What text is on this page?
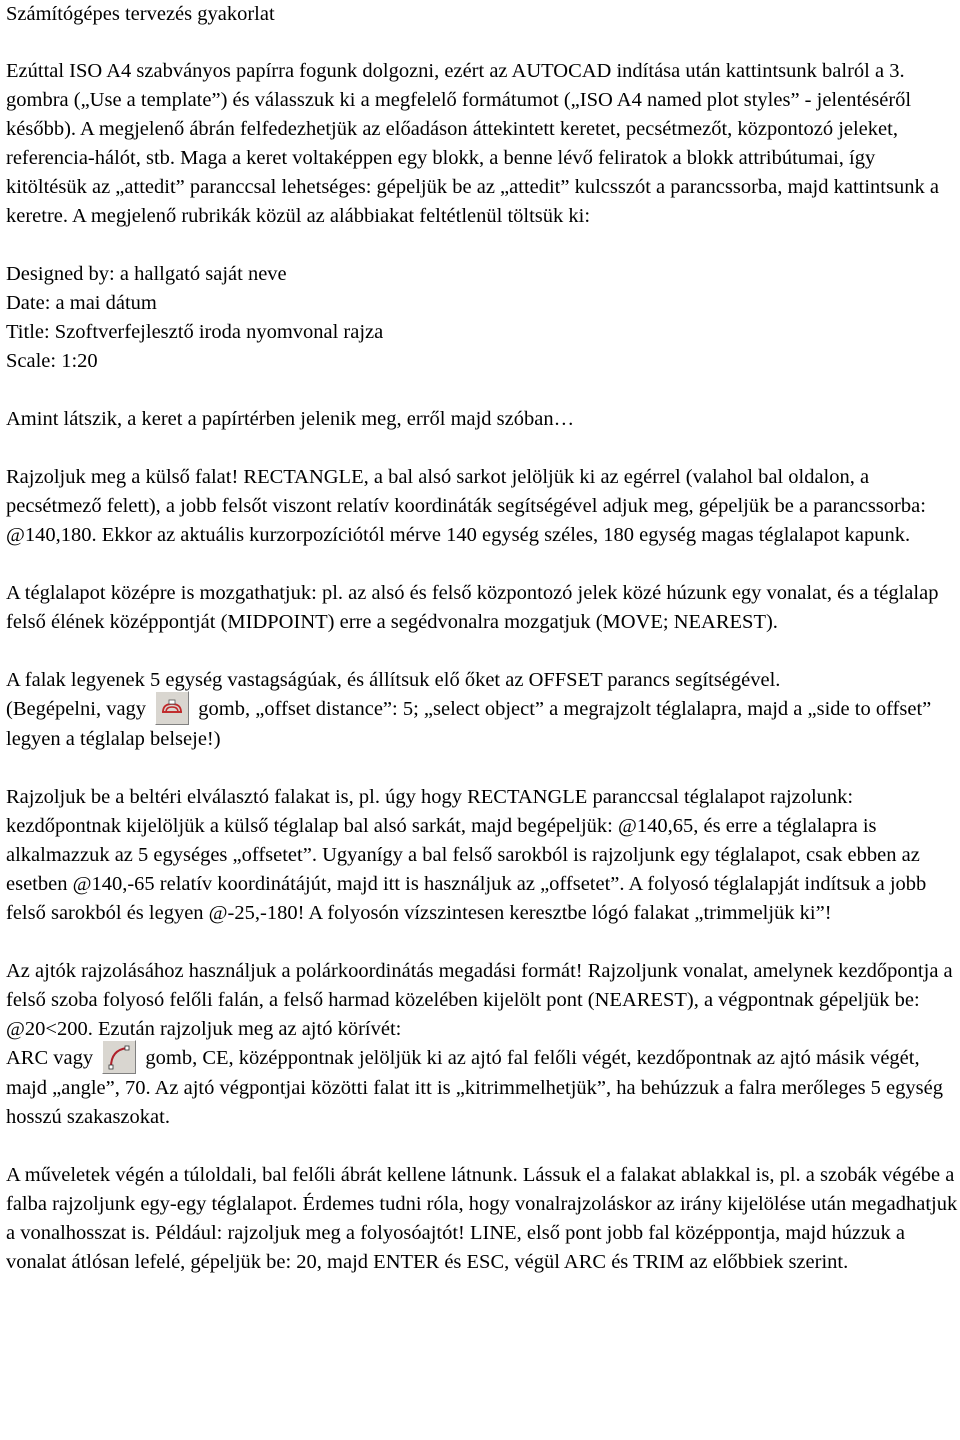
Számítógépes tervezés gyakorlat

Ezúttal ISO A4 szabványos papírra fogunk dolgozni, ezért az AUTOCAD indítása után kattintsunk balról a 3. gombra („Use a template”) és válasszuk ki a megfelelő formátumot („ISO A4 named plot styles” - jelentéséről később). A megjelenő ábrán felfedezhetjük az előadáson áttekintett keretet, pecsétmezőt, központozó jeleket, referencia-hálót, stb. Maga a keret voltaképpen egy blokk, a benne lévő feliratok a blokk attribútumai, így kitöltésük az „attedit” paranccsal lehetséges: gépeljük be az „attedit” kulcsszót a parancssorba, majd kattintsunk a keretre. A megjelenő rubrikák közül az alábbiakat feltétlenül töltsük ki:

Designed by: a hallgató saját neve
Date: a mai dátum
Title: Szoftverfejlesztő iroda nyomvonal rajza
Scale: 1:20

Amint látszik, a keret a papírtérben jelenik meg, erről majd szóban…

Rajzoljuk meg a külső falat! RECTANGLE, a bal alsó sarkot jelöljük ki az egérrel (valahol bal oldalon, a pecsétmező felett), a jobb felsőt viszont relatív koordináták segítségével adjuk meg, gépeljük be a parancssorba: @140,180. Ekkor az aktuális kurzorpozíciótól mérve 140 egység széles, 180 egység magas téglalapot kapunk.

A téglalapot középre is mozgathatjuk: pl. az alsó és felső központozó jelek közé húzunk egy vonalat, és a téglalap felső élének középpontját (MIDPOINT) erre a segédvonalra mozgatjuk (MOVE; NEAREST).

A falak legyenek 5 egység vastagságúak, és állítsuk elő őket az OFFSET parancs segítségével.
(Begépelni, vagy	gomb, „offset distance”: 5; „select object” a megrajzolt téglalapra, majd a „side to offset” legyen a téglalap belseje!)

Rajzoljuk be a beltéri elválasztó falakat is, pl. úgy hogy RECTANGLE paranccsal téglalapot rajzolunk: kezdőpontnak kijelöljük a külső téglalap bal alsó sarkát, majd begépeljük: @140,65, és erre a téglalapra is alkalmazzuk az 5 egységes „offsetet”. Ugyanígy a bal felső sarokból is rajzoljunk egy téglalapot, csak ebben az esetben @140,-65 relatív koordinátájút, majd itt is használjuk az „offsetet”. A folyosó téglalapját indítsuk a jobb felső sarokból és legyen @-25,-180! A folyosón vízszintesen keresztbe lógó falakat „trimmeljük ki”!

Az ajtók rajzolásához használjuk a polárkoordinátás megadási formát! Rajzoljunk vonalat, amelynek kezdőpontja a felső szoba folyosó felőli falán, a felső harmad közelében kijelölt pont (NEAREST), a végpontnak gépeljük be: @20<200. Ezután rajzoljuk meg az ajtó körívét:
ARC vagy	gomb, CE, középpontnak jelöljük ki az ajtó fal felőli végét, kezdőpontnak az ajtó másik végét, majd „angle”, 70. Az ajtó végpontjai közötti falat itt is „kitrimmelhetjük”, ha behúzzuk a falra merőleges 5 egység hosszú szakaszokat.

A műveletek végén a túloldali, bal felőli ábrát kellene látnunk. Lássuk el a falakat ablakkal is, pl. a szobák végébe a falba rajzoljunk egy-egy téglalapot. Érdemes tudni róla, hogy vonalrajzoláskor az irány kijelölése után megadhatjuk a vonalhosszat is. Például: rajzoljuk meg a folyosóajtót! LINE, első pont jobb fal középpontja, majd húzzuk a vonalat átlósan lefelé, gépeljük be: 20, majd ENTER és ESC, végül ARC és TRIM az előbbiek szerint.
